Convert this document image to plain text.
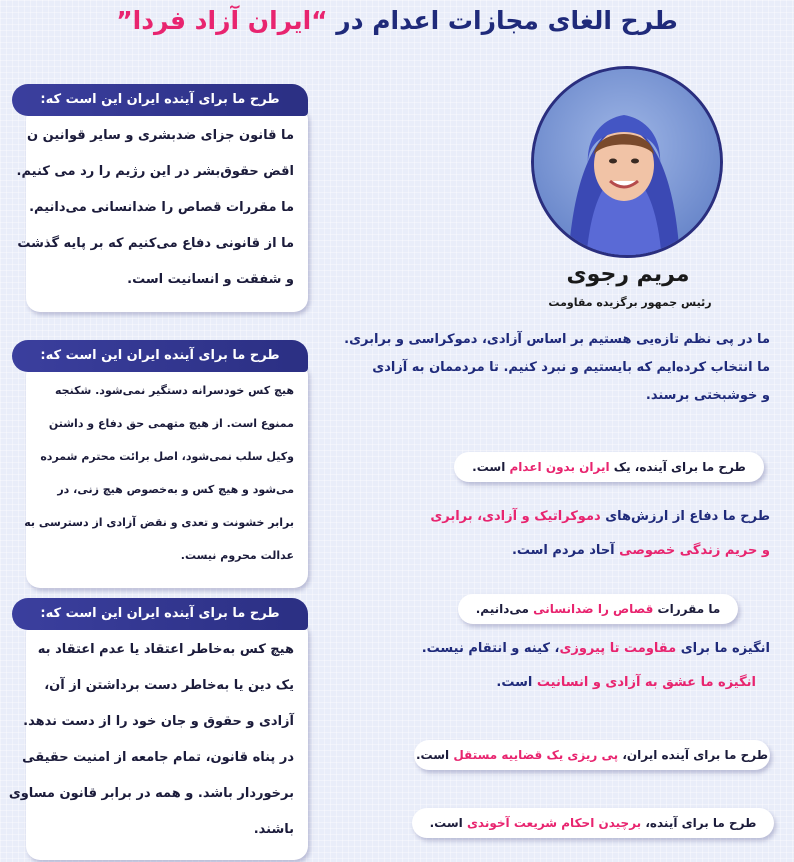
طرح الغای مجازات اعدام در “ایران آزاد فردا”
طرح ما برای آینده ایران این است که:
ما قانون جزای ضدبشری و سایر قوانین ن
اقض حقوق‌بشر در این رژیم را رد می کنیم.
ما مقررات قصاص را ضدانسانی می‌دانیم.
ما از قانونی دفاع می‌کنیم که بر پایه گذشت
و شفقت و انسانیت است.
طرح ما برای آینده ایران این است که:
هیچ کس خودسرانه دستگیر نمی‌شود. شکنجه
ممنوع است. از هیچ متهمی حق دفاع و داشتن
وکیل سلب نمی‌شود، اصل برائت محترم شمرده
می‌شود و هیچ کس و به‌خصوص هیچ زنی، در
برابر خشونت و تعدی و نقض آزادی از دسترسی به
عدالت محروم نیست.
طرح ما برای آینده ایران این است که:
هیچ کس به‌خاطر اعتقاد یا عدم اعتقاد به
یک دین یا به‌خاطر دست برداشتن از آن،
آزادی و حقوق و جان خود را از دست ندهد.
در پناه قانون، تمام جامعه از امنیت حقیقی
برخوردار باشد. و همه در برابر قانون مساوی
باشند.
مریم رجوی
رئیس جمهور برگزیده مقاومت
ما در پی نظم تازه‌یی هستیم بر اساس آزادی، دموکراسی و برابری.
ما انتخاب کرده‌ایم که بایستیم و نبرد کنیم. تا مردممان به آزادی
و خوشبختی برسند.
طرح ما برای آینده، یک ایران بدون اعدام است.
طرح ما دفاع از ارزش‌های دموکراتیک و آزادی، برابری
و حریم زندگی خصوصی آحاد مردم است.
ما مقررات قصاص را ضدانسانی می‌دانیم.
انگیزه ما برای مقاومت تا پیروزی، کینه و انتقام نیست.
انگیزه ما عشق به آزادی و انسانیت است.
طرح ما برای آینده ایران، پی ریزی یک قضاییه مستقل است.
طرح ما برای آینده، برچیدن احکام شریعت آخوندی است.
